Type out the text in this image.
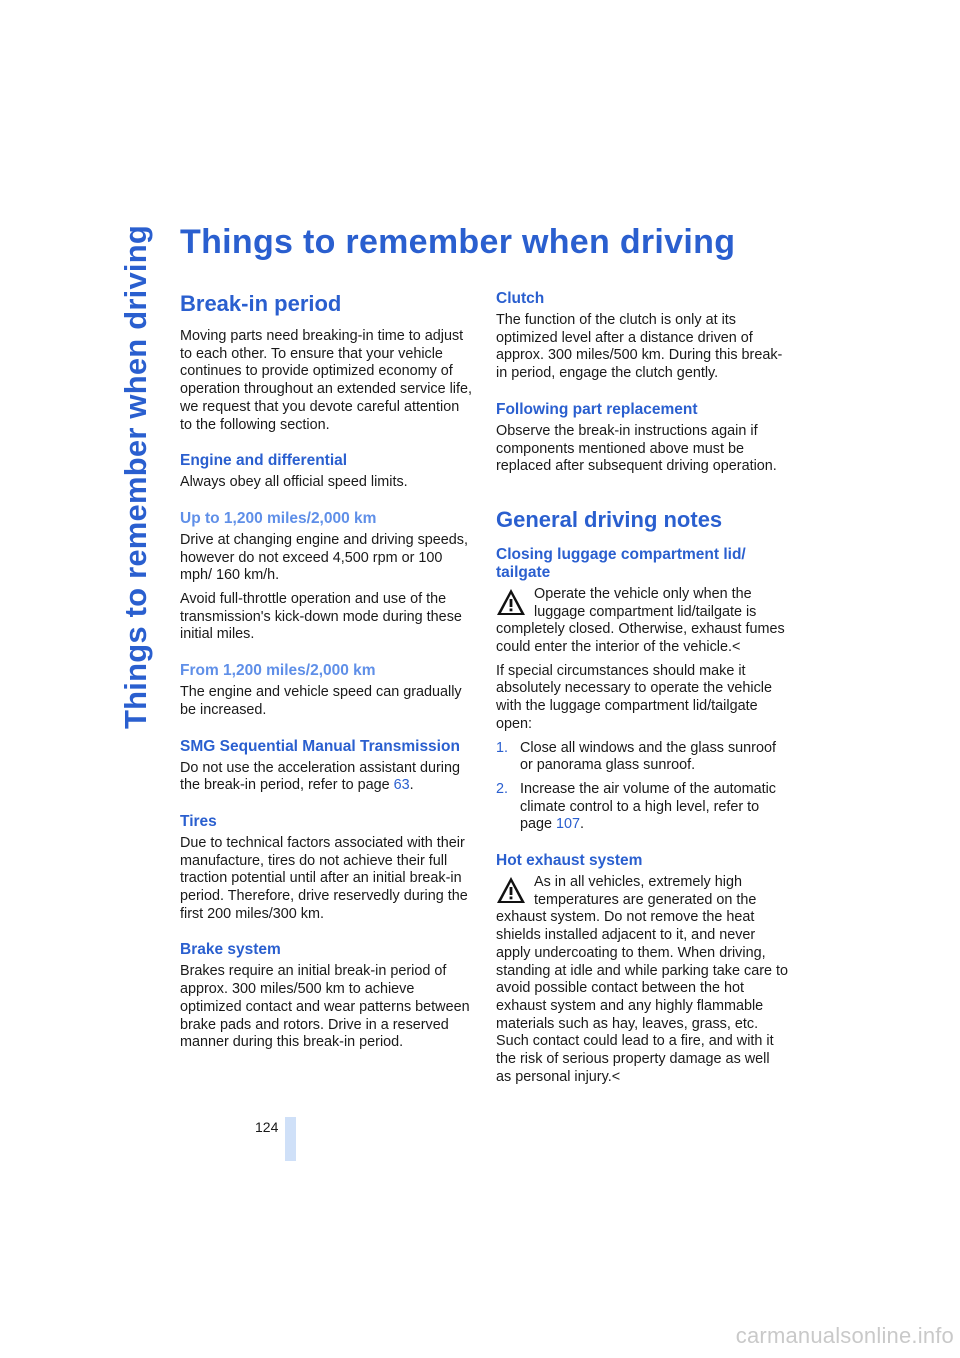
Things to remember when driving Things to remember when driving
Break-in period

Moving parts need breaking-in time to adjust to each other. To ensure that your vehicle continues to provide optimized economy of operation throughout an extended service life, we request that you devote careful attention to the following section.

Engine and differential

Always obey all official speed limits.

Up to 1,200 miles/2,000 km

Drive at changing engine and driving speeds, however do not exceed 4,500 rpm or 100 mph/ 160 km/h.

Avoid full-throttle operation and use of the transmission's kick-down mode during these initial miles.

From 1,200 miles/2,000 km

The engine and vehicle speed can gradually be increased.

SMG Sequential Manual Transmission

Do not use the acceleration assistant during the break-in period, refer to page 63.

Tires

Due to technical factors associated with their manufacture, tires do not achieve their full traction potential until after an initial break-in period. Therefore, drive reservedly during the first 200 miles/300 km.

Brake system

Brakes require an initial break-in period of approx. 300 miles/500 km to achieve optimized contact and wear patterns between brake pads and rotors. Drive in a reserved manner during this break-in period.

Clutch

The function of the clutch is only at its optimized level after a distance driven of approx. 300 miles/500 km. During this break-in period, engage the clutch gently.

Following part replacement

Observe the break-in instructions again if components mentioned above must be replaced after subsequent driving operation.

General driving notes
Closing luggage compartment lid/ tailgate

Operate the vehicle only when the luggage compartment lid/tailgate is completely closed. Otherwise, exhaust fumes could enter the interior of the vehicle.<

If special circumstances should make it absolutely necessary to operate the vehicle with the luggage compartment lid/tailgate open:

1. Close all windows and the glass sunroof or panorama glass sunroof.
2. Increase the air volume of the automatic climate control to a high level, refer to page 107.
Hot exhaust system

As in all vehicles, extremely high temperatures are generated on the exhaust system. Do not remove the heat shields installed adjacent to it, and never apply undercoating to them. When driving, standing at idle and while parking take care to avoid possible contact between the hot exhaust system and any highly flammable materials such as hay, leaves, grass, etc. Such contact could lead to a fire, and with it the risk of serious property damage as well as personal injury.<

124
carmanualsonline.info
